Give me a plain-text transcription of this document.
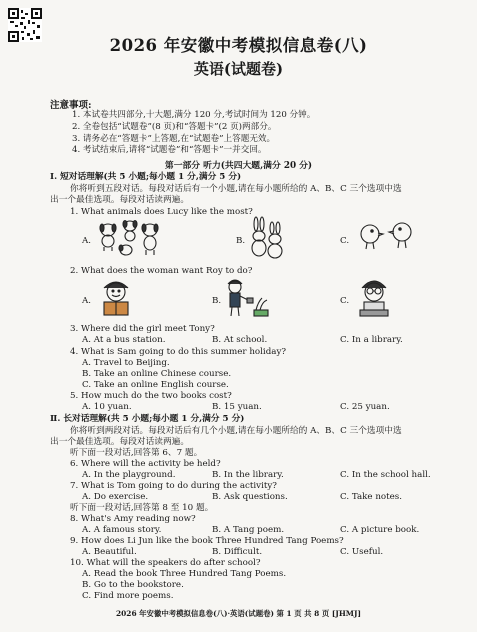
2026 年安徽中考模拟信息卷(八)
英语(试题卷)
注意事项:
1. 本试卷共四部分,十大题,满分 120 分,考试时间为 120 分钟。
2. 全卷包括“试题卷”(8 页)和“答题卡”(2 页)两部分。
3. 请务必在“答题卡”上答题,在“试题卷”上答题无效。
4. 考试结束后,请将“试题卷”和“答题卡”一并交回。
第一部分 听力(共四大题,满分 20 分)
Ⅰ. 短对话理解(共 5 小题;每小题 1 分,满分 5 分)
你将听到五段对话。每段对话后有一个小题,请在每小题所给的 A、B、C 三个选项中选
出一个最佳选项。每段对话读两遍。
1. What animals does Lucy like the most?
A.	B.	C.
2. What does the woman want Roy to do?
A.	B.	C.
3. Where did the girl meet Tony?
A. At a bus station.	B. At school.	C. In a library.
4. What is Sam going to do this summer holiday?
A. Travel to Beijing.
B. Take an online Chinese course.
C. Take an online English course.
5. How much do the two books cost?
A. 10 yuan.	B. 15 yuan.	C. 25 yuan.
Ⅱ. 长对话理解(共 5 小题;每小题 1 分,满分 5 分)
你将听到两段对话。每段对话后有几个小题,请在每小题所给的 A、B、C 三个选项中选
出一个最佳选项。每段对话读两遍。
听下面一段对话,回答第 6、7 题。
6. Where will the activity be held?
A. In the playground.	B. In the library.	C. In the school hall.
7. What is Tom going to do during the activity?
A. Do exercise.	B. Ask questions.	C. Take notes.
听下面一段对话,回答第 8 至 10 题。
8. What's Amy reading now?
A. A famous story.	B. A Tang poem.	C. A picture book.
9. How does Li Jun like the book Three Hundred Tang Poems?
A. Beautiful.	B. Difficult.	C. Useful.
10. What will the speakers do after school?
A. Read the book Three Hundred Tang Poems.
B. Go to the bookstore.
C. Find more poems.
2026 年安徽中考模拟信息卷(八)·英语(试题卷) 第 1 页 共 8 页 [JHMJ]
